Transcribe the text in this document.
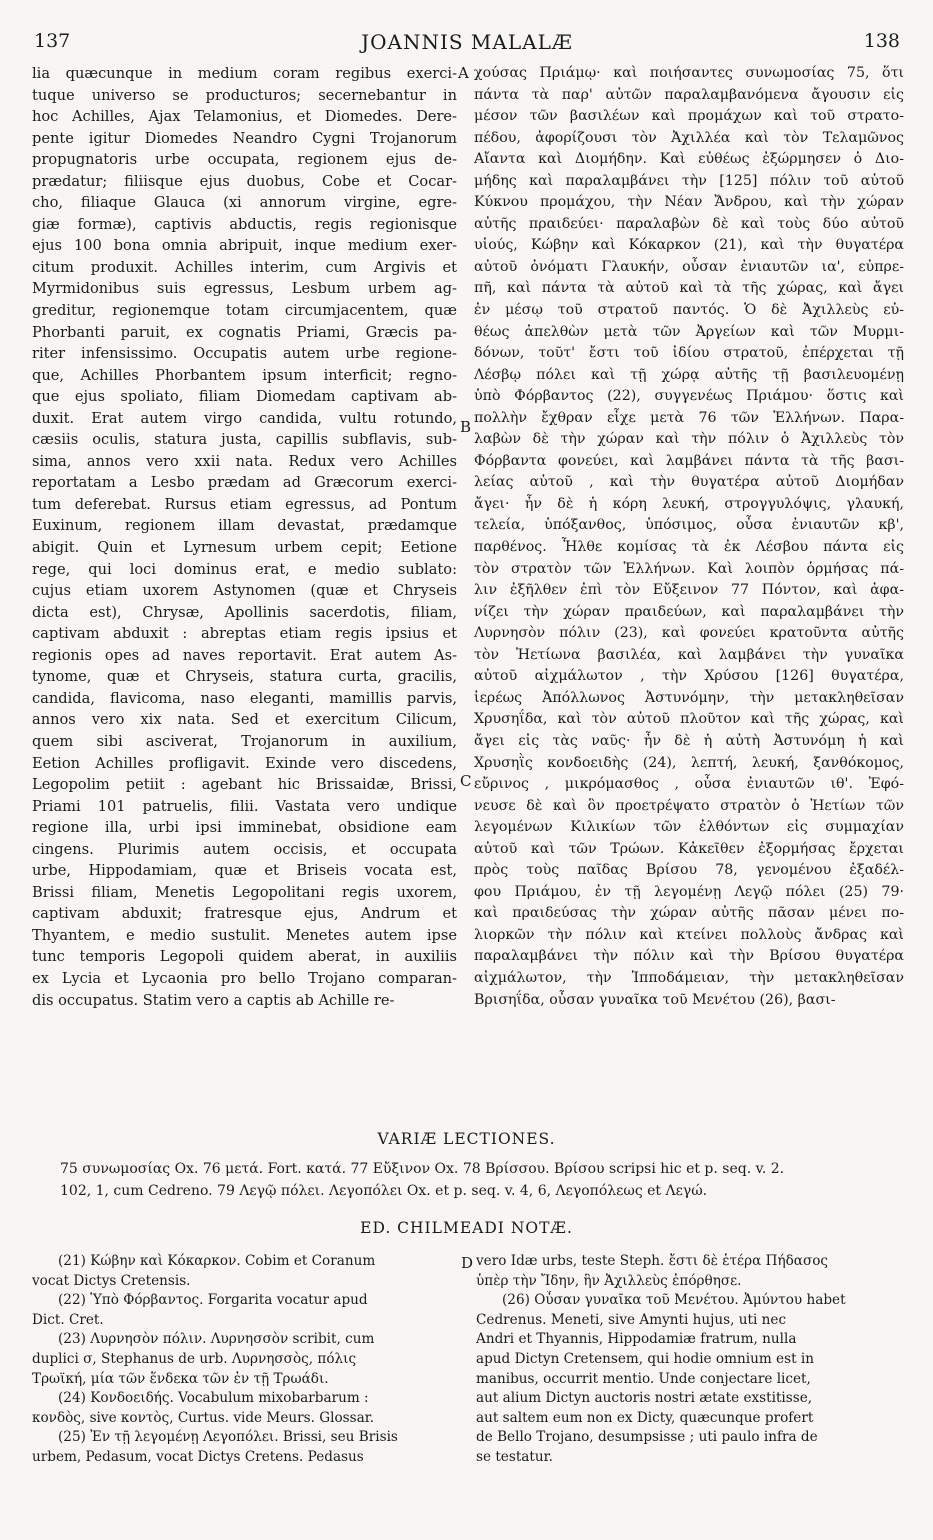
137	JOANNIS MALALÆ	138
lia quæcunque in medium coram regibus exerci-
tuque universo se producturos; secernebantur in
hoc Achilles, Ajax Telamonius, et Diomedes. Dere-
pente igitur Diomedes Neandro Cygni Trojanorum
propugnatoris urbe occupata, regionem ejus de-
prædatur; filiisque ejus duobus, Cobe et Cocar-
cho, filiaque Glauca (xi annorum virgine, egre-
giæ formæ), captivis abductis, regis regionisque
ejus 100 bona omnia abripuit, inque medium exer-
citum produxit. Achilles interim, cum Argivis et
Myrmidonibus suis egressus, Lesbum urbem ag-
greditur, regionemque totam circumjacentem, quæ
Phorbanti paruit, ex cognatis Priami, Græcis pa-
riter infensissimo. Occupatis autem urbe regione-
que, Achilles Phorbantem ipsum interficit; regno-
que ejus spoliato, filiam Diomedam captivam ab-
duxit. Erat autem virgo candida, vultu rotundo,
cæsiis oculis, statura justa, capillis subflavis, sub-
sima, annos vero xxii nata. Redux vero Achilles
reportatam a Lesbo prædam ad Græcorum exerci-
tum deferebat. Rursus etiam egressus, ad Pontum
Euxinum, regionem illam devastat, prædamque
abigit. Quin et Lyrnesum urbem cepit; Eetione
rege, qui loci dominus erat, e medio sublato:
cujus etiam uxorem Astynomen (quæ et Chryseis
dicta est), Chrysæ, Apollinis sacerdotis, filiam,
captivam abduxit : abreptas etiam regis ipsius et
regionis opes ad naves reportavit. Erat autem As-
tynome, quæ et Chryseis, statura curta, gracilis,
candida, flavicoma, naso eleganti, mamillis parvis,
annos vero xix nata. Sed et exercitum Cilicum,
quem sibi asciverat, Trojanorum in auxilium,
Eetion Achilles profligavit. Exinde vero discedens,
Legopolim petiit : agebant hic Brissaidæ, Brissi,
Priami 101 patruelis, filii. Vastata vero undique
regione illa, urbi ipsi imminebat, obsidione eam
cingens. Plurimis autem occisis, et occupata
urbe, Hippodamiam, quæ et Briseis vocata est,
Brissi filiam, Menetis Legopolitani regis uxorem,
captivam abduxit; fratresque ejus, Andrum et
Thyantem, e medio sustulit. Menetes autem ipse
tunc temporis Legopoli quidem aberat, in auxiliis
ex Lycia et Lycaonia pro bello Trojano comparan-
dis occupatus. Statim vero a captis ab Achille re-
χούσας Πριάμῳ· καὶ ποιήσαντες συνωμοσίας 75, ὅτι
πάντα τὰ παρ' αὐτῶν παραλαμβανόμενα ἄγουσιν εἰς
μέσον τῶν βασιλέων καὶ προμάχων καὶ τοῦ στρατο-
πέδου, ἀφορίζουσι τὸν Ἀχιλλέα καὶ τὸν Τελαμῶνος
Αἴαντα καὶ Διομήδην. Καὶ εὐθέως ἐξώρμησεν ὁ Διο-
μήδης καὶ παραλαμβάνει τὴν [125] πόλιν τοῦ αὐτοῦ
Κύκνου προμάχου, τὴν Νέαν Ἄνδρου, καὶ τὴν χώραν
αὐτῆς πραιδεύει· παραλαβὼν δὲ καὶ τοὺς δύο αὐτοῦ
υἱούς, Κώβην καὶ Κόκαρκον (21), καὶ τὴν θυγατέρα
αὐτοῦ ὀνόματι Γλαυκήν, οὖσαν ἐνιαυτῶν ια', εὐπρε-
πῆ, καὶ πάντα τὰ αὐτοῦ καὶ τὰ τῆς χώρας, καὶ ἄγει
ἐν μέσῳ τοῦ στρατοῦ παντός. Ὁ δὲ Ἀχιλλεὺς εὐ-
θέως ἀπελθὼν μετὰ τῶν Ἀργείων καὶ τῶν Μυρμι-
δόνων, τοῦτ' ἔστι τοῦ ἰδίου στρατοῦ, ἐπέρχεται τῇ
Λέσβῳ πόλει καὶ τῇ χώρᾳ αὐτῆς τῇ βασιλευομένῃ
ὑπὸ Φόρβαντος (22), συγγενέως Πριάμου· ὅστις καὶ
πολλὴν ἔχθραν εἶχε μετὰ 76 τῶν Ἑλλήνων. Παρα-
λαβὼν δὲ τὴν χώραν καὶ τὴν πόλιν ὁ Ἀχιλλεὺς τὸν
Φόρβαντα φονεύει, καὶ λαμβάνει πάντα τὰ τῆς βασι-
λείας αὐτοῦ , καὶ τὴν θυγατέρα αὐτοῦ Διομήδαν
ἄγει· ἦν δὲ ἡ κόρη λευκή, στρογγυλόψις, γλαυκή,
τελεία, ὑπόξανθος, ὑπόσιμος, οὖσα ἐνιαυτῶν κβ',
παρθένος. Ἦλθε κομίσας τὰ ἐκ Λέσβου πάντα εἰς
τὸν στρατὸν τῶν Ἑλλήνων. Καὶ λοιπὸν ὁρμήσας πά-
λιν ἐξῆλθεν ἐπὶ τὸν Εὔξεινον 77 Πόντον, καὶ ἀφα-
νίζει τὴν χώραν πραιδεύων, καὶ παραλαμβάνει τὴν
Λυρνησὸν πόλιν (23), καὶ φονεύει κρατοῦντα αὐτῆς
τὸν Ἠετίωνα βασιλέα, καὶ λαμβάνει τὴν γυναῖκα
αὐτοῦ αἰχμάλωτον , τὴν Χρύσου [126] θυγατέρα,
ἱερέως Ἀπόλλωνος Ἀστυνόμην, τὴν μετακληθεῖσαν
Χρυσηΐδα, καὶ τὸν αὐτοῦ πλοῦτον καὶ τῆς χώρας, καὶ
ἄγει εἰς τὰς ναῦς· ἦν δὲ ἡ αὐτὴ Ἀστυνόμη ἡ καὶ
Χρυσηῒς κονδοειδὴς (24), λεπτή, λευκή, ξανθόκομος,
εὔρινος , μικρόμασθος , οὖσα ἐνιαυτῶν ιθ'. Ἐφό-
νευσε δὲ καὶ ὃν προετρέψατο στρατὸν ὁ Ἠετίων τῶν
λεγομένων Κιλικίων τῶν ἐλθόντων εἰς συμμαχίαν
αὐτοῦ καὶ τῶν Τρώων. Κἀκεῖθεν ἐξορμήσας ἔρχεται
πρὸς τοὺς παῖδας Βρίσου 78, γενομένου ἐξαδέλ-
φου Πριάμου, ἐν τῇ λεγομένῃ Λεγῷ πόλει (25) 79·
καὶ πραιδεύσας τὴν χώραν αὐτῆς πᾶσαν μένει πο-
λιορκῶν τὴν πόλιν καὶ κτείνει πολλοὺς ἄνδρας καὶ
παραλαμβάνει τὴν πόλιν καὶ τὴν Βρίσου θυγατέρα
αἰχμάλωτον, τὴν Ἱπποδάμειαν, τὴν μετακληθεῖσαν
Βρισηΐδα, οὖσαν γυναῖκα τοῦ Μενέτου (26), βασι-
A
B
C
D
VARIÆ LECTIONES.
75 συνωμοσίας Ox. 76 μετά. Fort. κατά. 77 Εὔξινον Ox. 78 Βρίσσου. Βρίσου scripsi hic et p. seq. v. 2.
102, 1, cum Cedreno. 79 Λεγῷ πόλει. Λεγοπόλει Ox. et p. seq. v. 4, 6, Λεγοπόλεως et Λεγώ.
ED. CHILMEADI NOTÆ.
(21) Κώβην καὶ Κόκαρκον. Cobim et Coranum
vocat Dictys Cretensis.
(22) Ὑπὸ Φόρβαντος. Forgarita vocatur apud
Dict. Cret.
(23) Λυρνησὸν πόλιν. Λυρνησσὸν scribit, cum
duplici σ, Stephanus de urb. Λυρνησσὸς, πόλις
Τρωϊκή, μία τῶν ἕνδεκα τῶν ἐν τῇ Τρωάδι.
(24) Κονδοειδής. Vocabulum mixobarbarum :
κονδὸς, sive κοντὸς, Curtus. vide Meurs. Glossar.
(25) Ἐν τῇ λεγομένῃ Λεγοπόλει. Brissi, seu Brisis
urbem, Pedasum, vocat Dictys Cretens. Pedasus
vero Idæ urbs, teste Steph. ἔστι δὲ ἑτέρα Πήδασος
ὑπὲρ τὴν Ἴδην, ἣν Ἀχιλλεὺς ἐπόρθησε.
(26) Οὖσαν γυναῖκα τοῦ Μενέτου. Ἀμύντου habet
Cedrenus. Meneti, sive Amynti hujus, uti nec
Andri et Thyannis, Hippodamiæ fratrum, nulla
apud Dictyn Cretensem, qui hodie omnium est in
manibus, occurrit mentio. Unde conjectare licet,
aut alium Dictyn auctoris nostri ætate exstitisse,
aut saltem eum non ex Dicty, quæcunque profert
de Bello Trojano, desumpsisse ; uti paulo infra de
se testatur.
